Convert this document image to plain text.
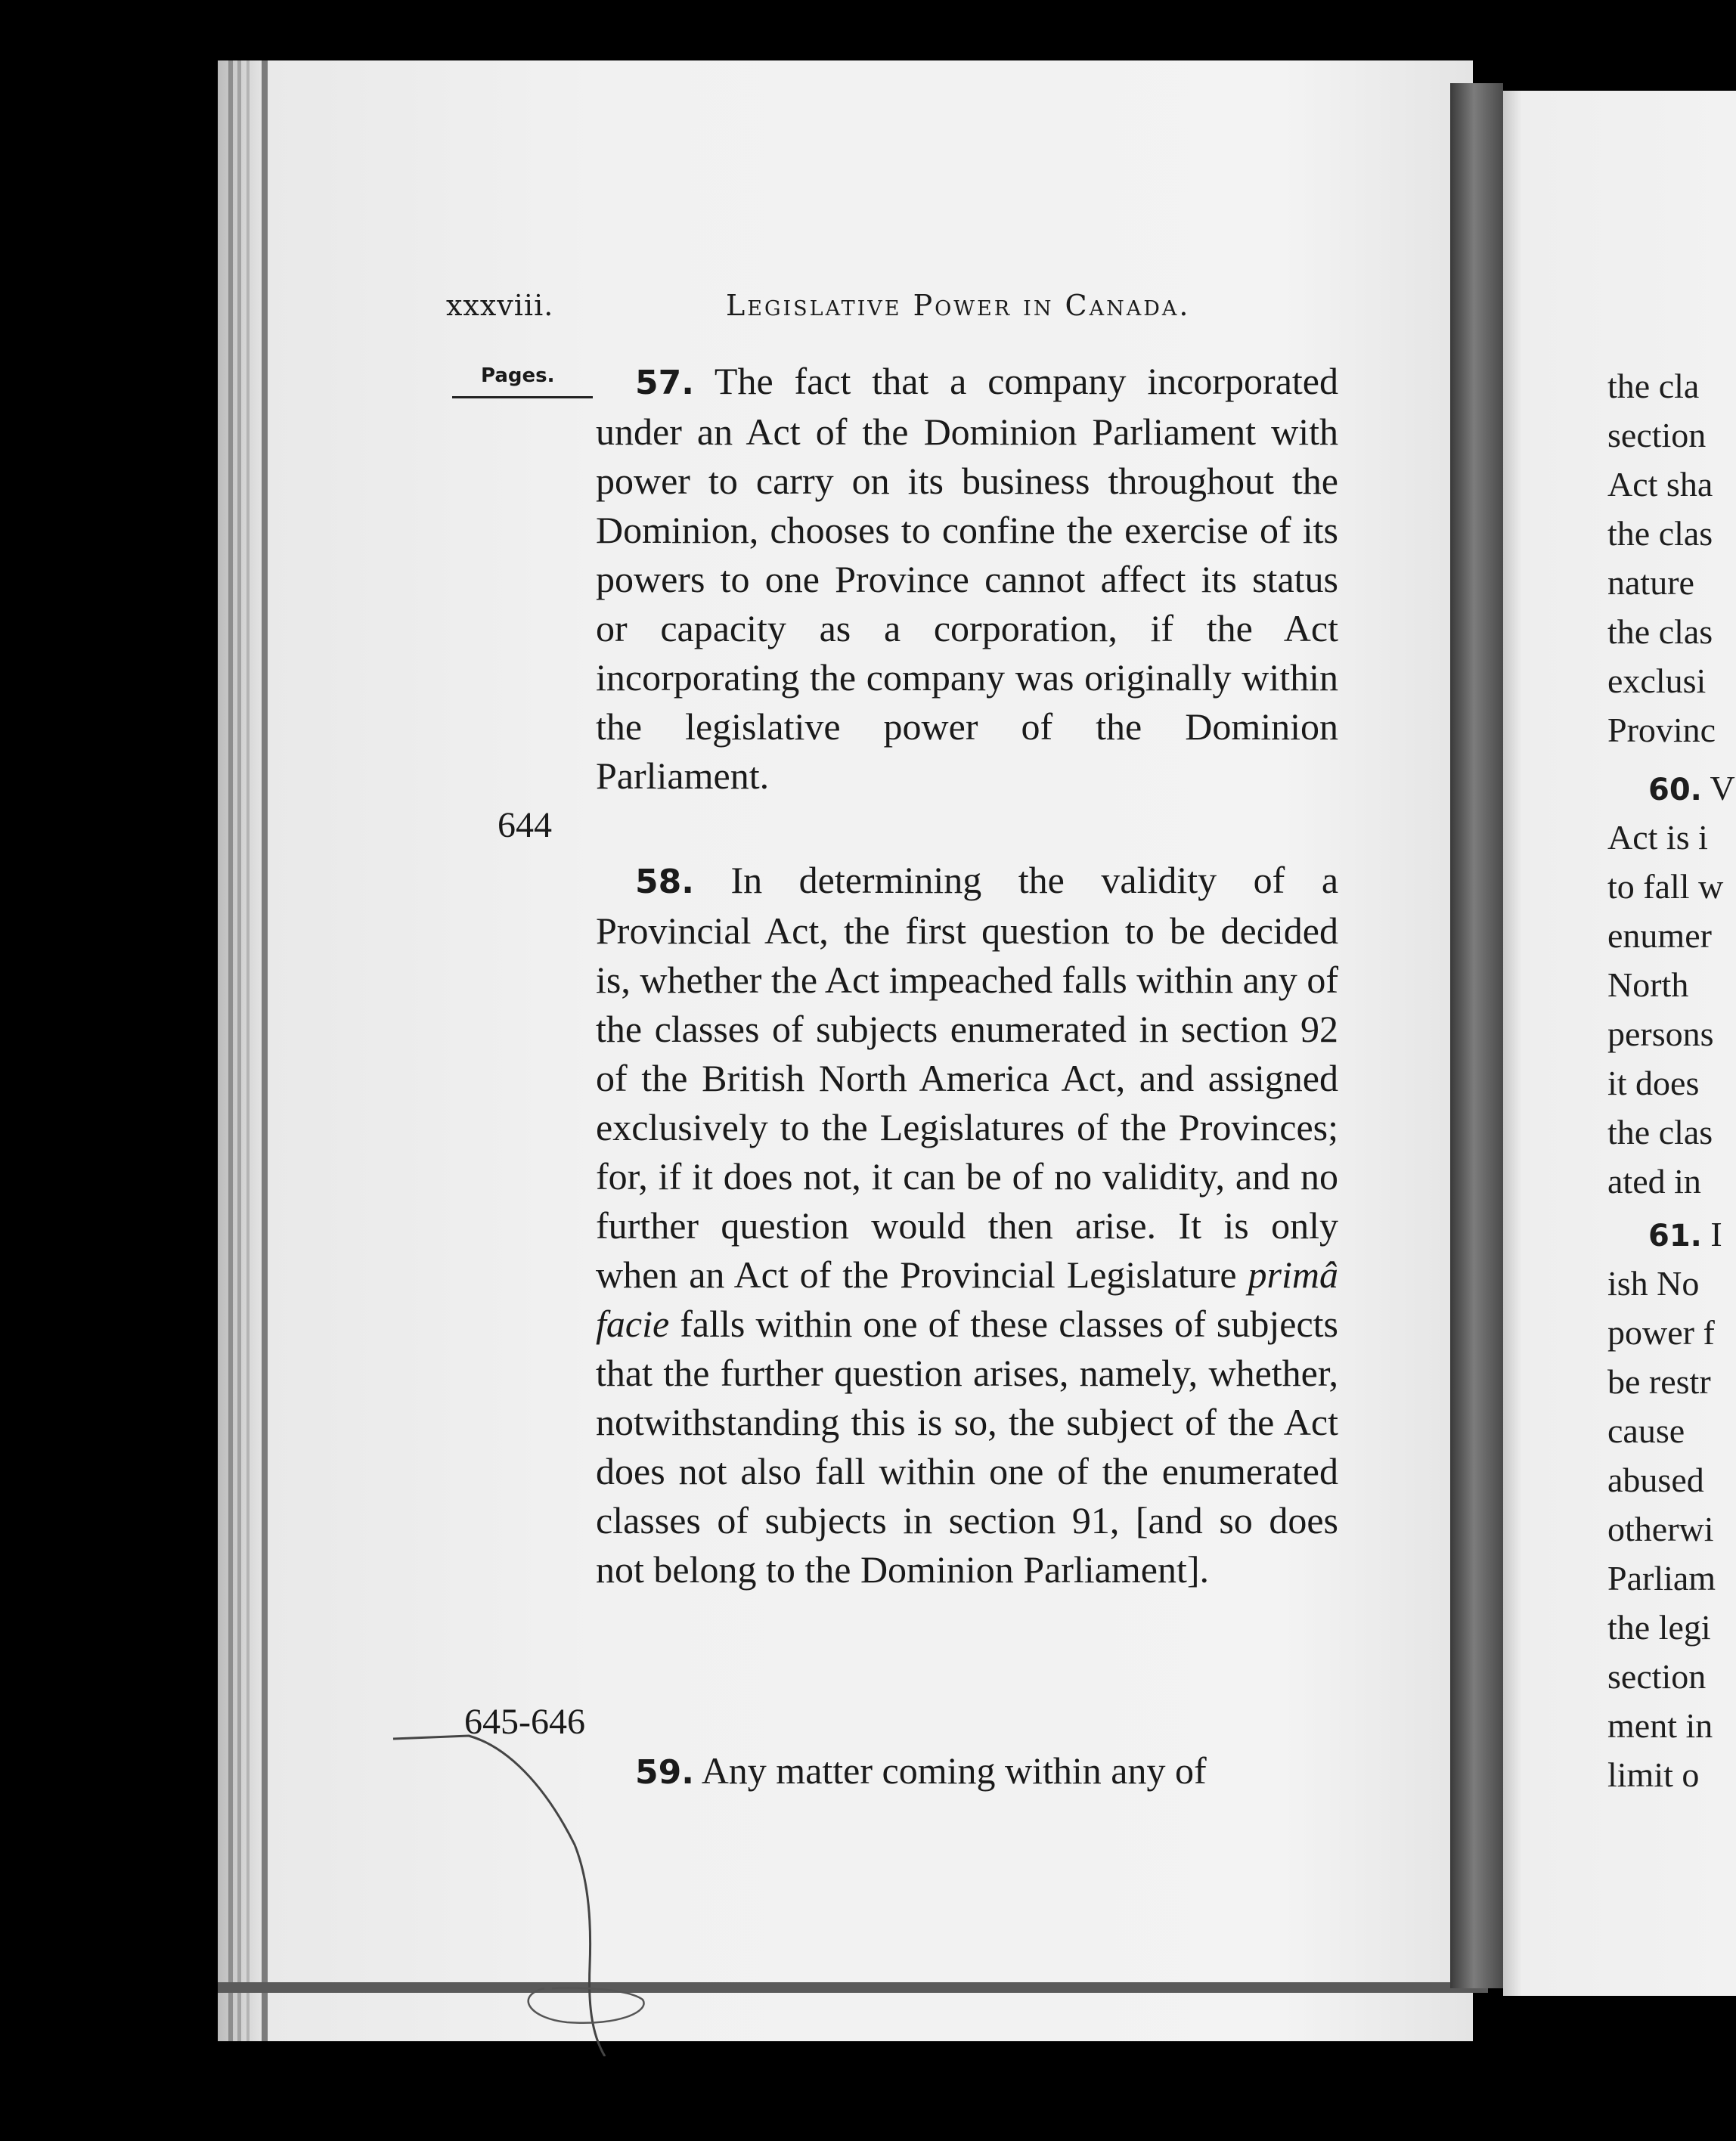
xxxviii.	Legislative Power in Canada.
Pages.
644
645-646

57. The fact that a company incorporated under an Act of the Dominion Parliament with power to carry on its business throughout the Dominion, chooses to confine the exercise of its powers to one Province cannot affect its status or capacity as a corporation, if the Act incorporating the company was originally within the legislative power of the Dominion Parliament.

58. In determining the validity of a Provincial Act, the first question to be decided is, whether the Act impeached falls within any of the classes of subjects enumerated in section 92 of the British North America Act, and assigned exclusively to the Legislatures of the Provinces; for, if it does not, it can be of no validity, and no further question would then arise. It is only when an Act of the Provincial Legislature primâ facie falls within one of these classes of subjects that the further question arises, namely, whether, notwithstanding this is so, the subject of the Act does not also fall within one of the enumerated classes of subjects in section 91, [and so does not belong to the Dominion Parliament].

59. Any matter coming within any of

the cla
section
Act sha
the clas
nature
the clas
exclusi
Provinc
60. V
Act is i
to fall w
enumer
North
persons
it does
the clas
ated in
61. I
ish No
power f
be restr
cause
abused
otherwi
Parliam
the legi
section
ment in
limit o
